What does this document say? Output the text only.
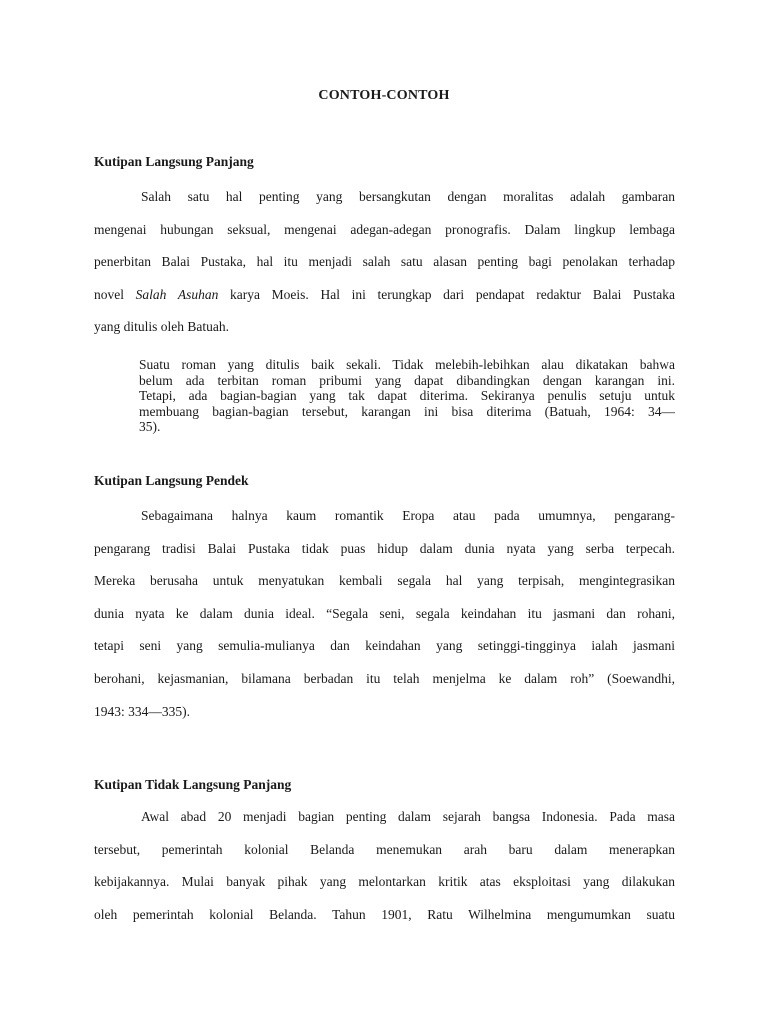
CONTOH-CONTOH
Kutipan Langsung Panjang
Salah satu hal penting yang bersangkutan dengan moralitas adalah gambaran
mengenai hubungan seksual, mengenai adegan-adegan pronografis. Dalam lingkup lembaga
penerbitan Balai Pustaka, hal itu menjadi salah satu alasan penting bagi penolakan terhadap
novel Salah Asuhan karya Moeis. Hal ini terungkap dari pendapat redaktur Balai Pustaka
yang ditulis oleh Batuah.
Suatu roman yang ditulis baik sekali. Tidak melebih-lebihkan alau dikatakan bahwa
belum ada terbitan roman pribumi yang dapat dibandingkan dengan karangan ini.
Tetapi, ada bagian-bagian yang tak dapat diterima. Sekiranya penulis setuju untuk
membuang bagian-bagian tersebut, karangan ini bisa diterima (Batuah, 1964: 34—
35).
Kutipan Langsung Pendek
Sebagaimana halnya kaum romantik Eropa atau pada umumnya, pengarang-
pengarang tradisi Balai Pustaka tidak puas hidup dalam dunia nyata yang serba terpecah.
Mereka berusaha untuk menyatukan kembali segala hal yang terpisah, mengintegrasikan
dunia nyata ke dalam dunia ideal. “Segala seni, segala keindahan itu jasmani dan rohani,
tetapi seni yang semulia-mulianya dan keindahan yang setinggi-tingginya ialah jasmani
berohani, kejasmanian, bilamana berbadan itu telah menjelma ke dalam roh” (Soewandhi,
1943: 334—335).
Kutipan Tidak Langsung Panjang
Awal abad 20 menjadi bagian penting dalam sejarah bangsa Indonesia. Pada masa
tersebut, pemerintah kolonial Belanda menemukan arah baru dalam menerapkan
kebijakannya. Mulai banyak pihak yang melontarkan kritik atas eksploitasi yang dilakukan
oleh pemerintah kolonial Belanda. Tahun 1901, Ratu Wilhelmina mengumumkan suatu
